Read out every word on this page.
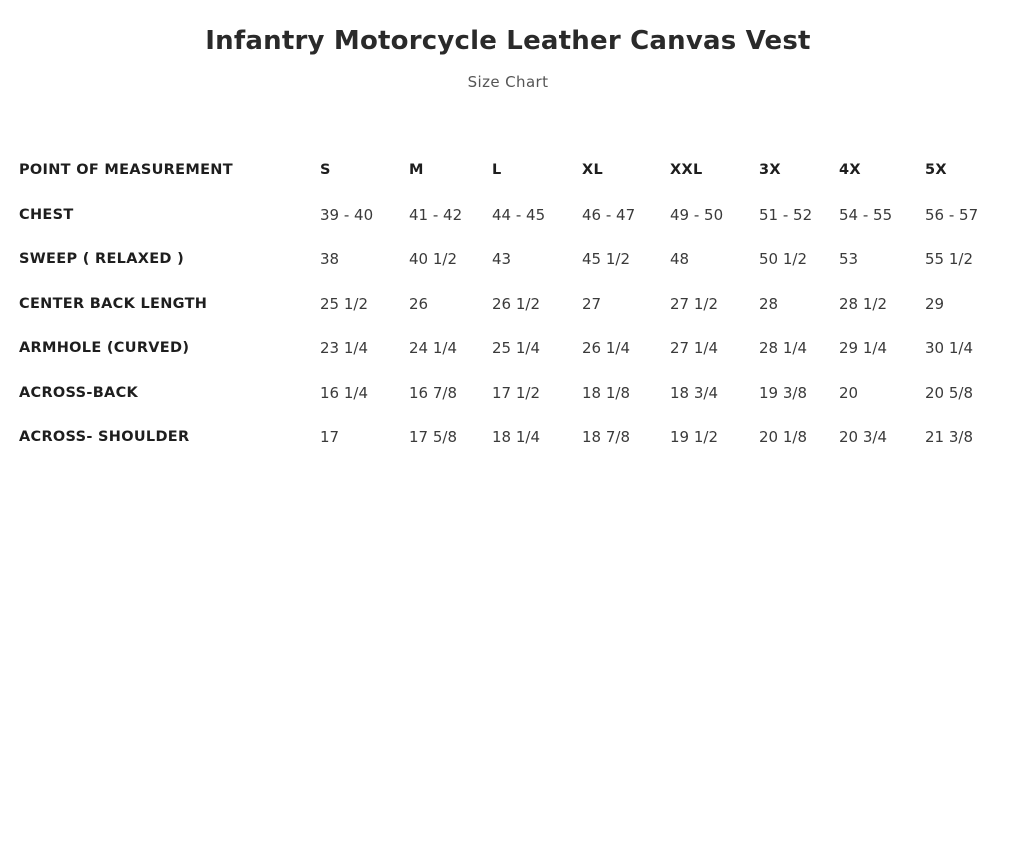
Infantry Motorcycle Leather Canvas Vest
Size Chart
POINT OF MEASUREMENT	S	M	L	XL	XXL	3X	4X	5X
CHEST	39 - 40	41 - 42	44 - 45	46 - 47	49 - 50	51 - 52	54 - 55	56 - 57
SWEEP ( RELAXED )	38	40 1/2	43	45 1/2	48	50 1/2	53	55 1/2
CENTER BACK LENGTH	25 1/2	26	26 1/2	27	27 1/2	28	28 1/2	29
ARMHOLE (CURVED)	23 1/4	24 1/4	25 1/4	26 1/4	27 1/4	28 1/4	29 1/4	30 1/4
ACROSS-BACK	16 1/4	16 7/8	17 1/2	18 1/8	18 3/4	19 3/8	20	20 5/8
ACROSS- SHOULDER	17	17 5/8	18 1/4	18 7/8	19 1/2	20 1/8	20 3/4	21 3/8
